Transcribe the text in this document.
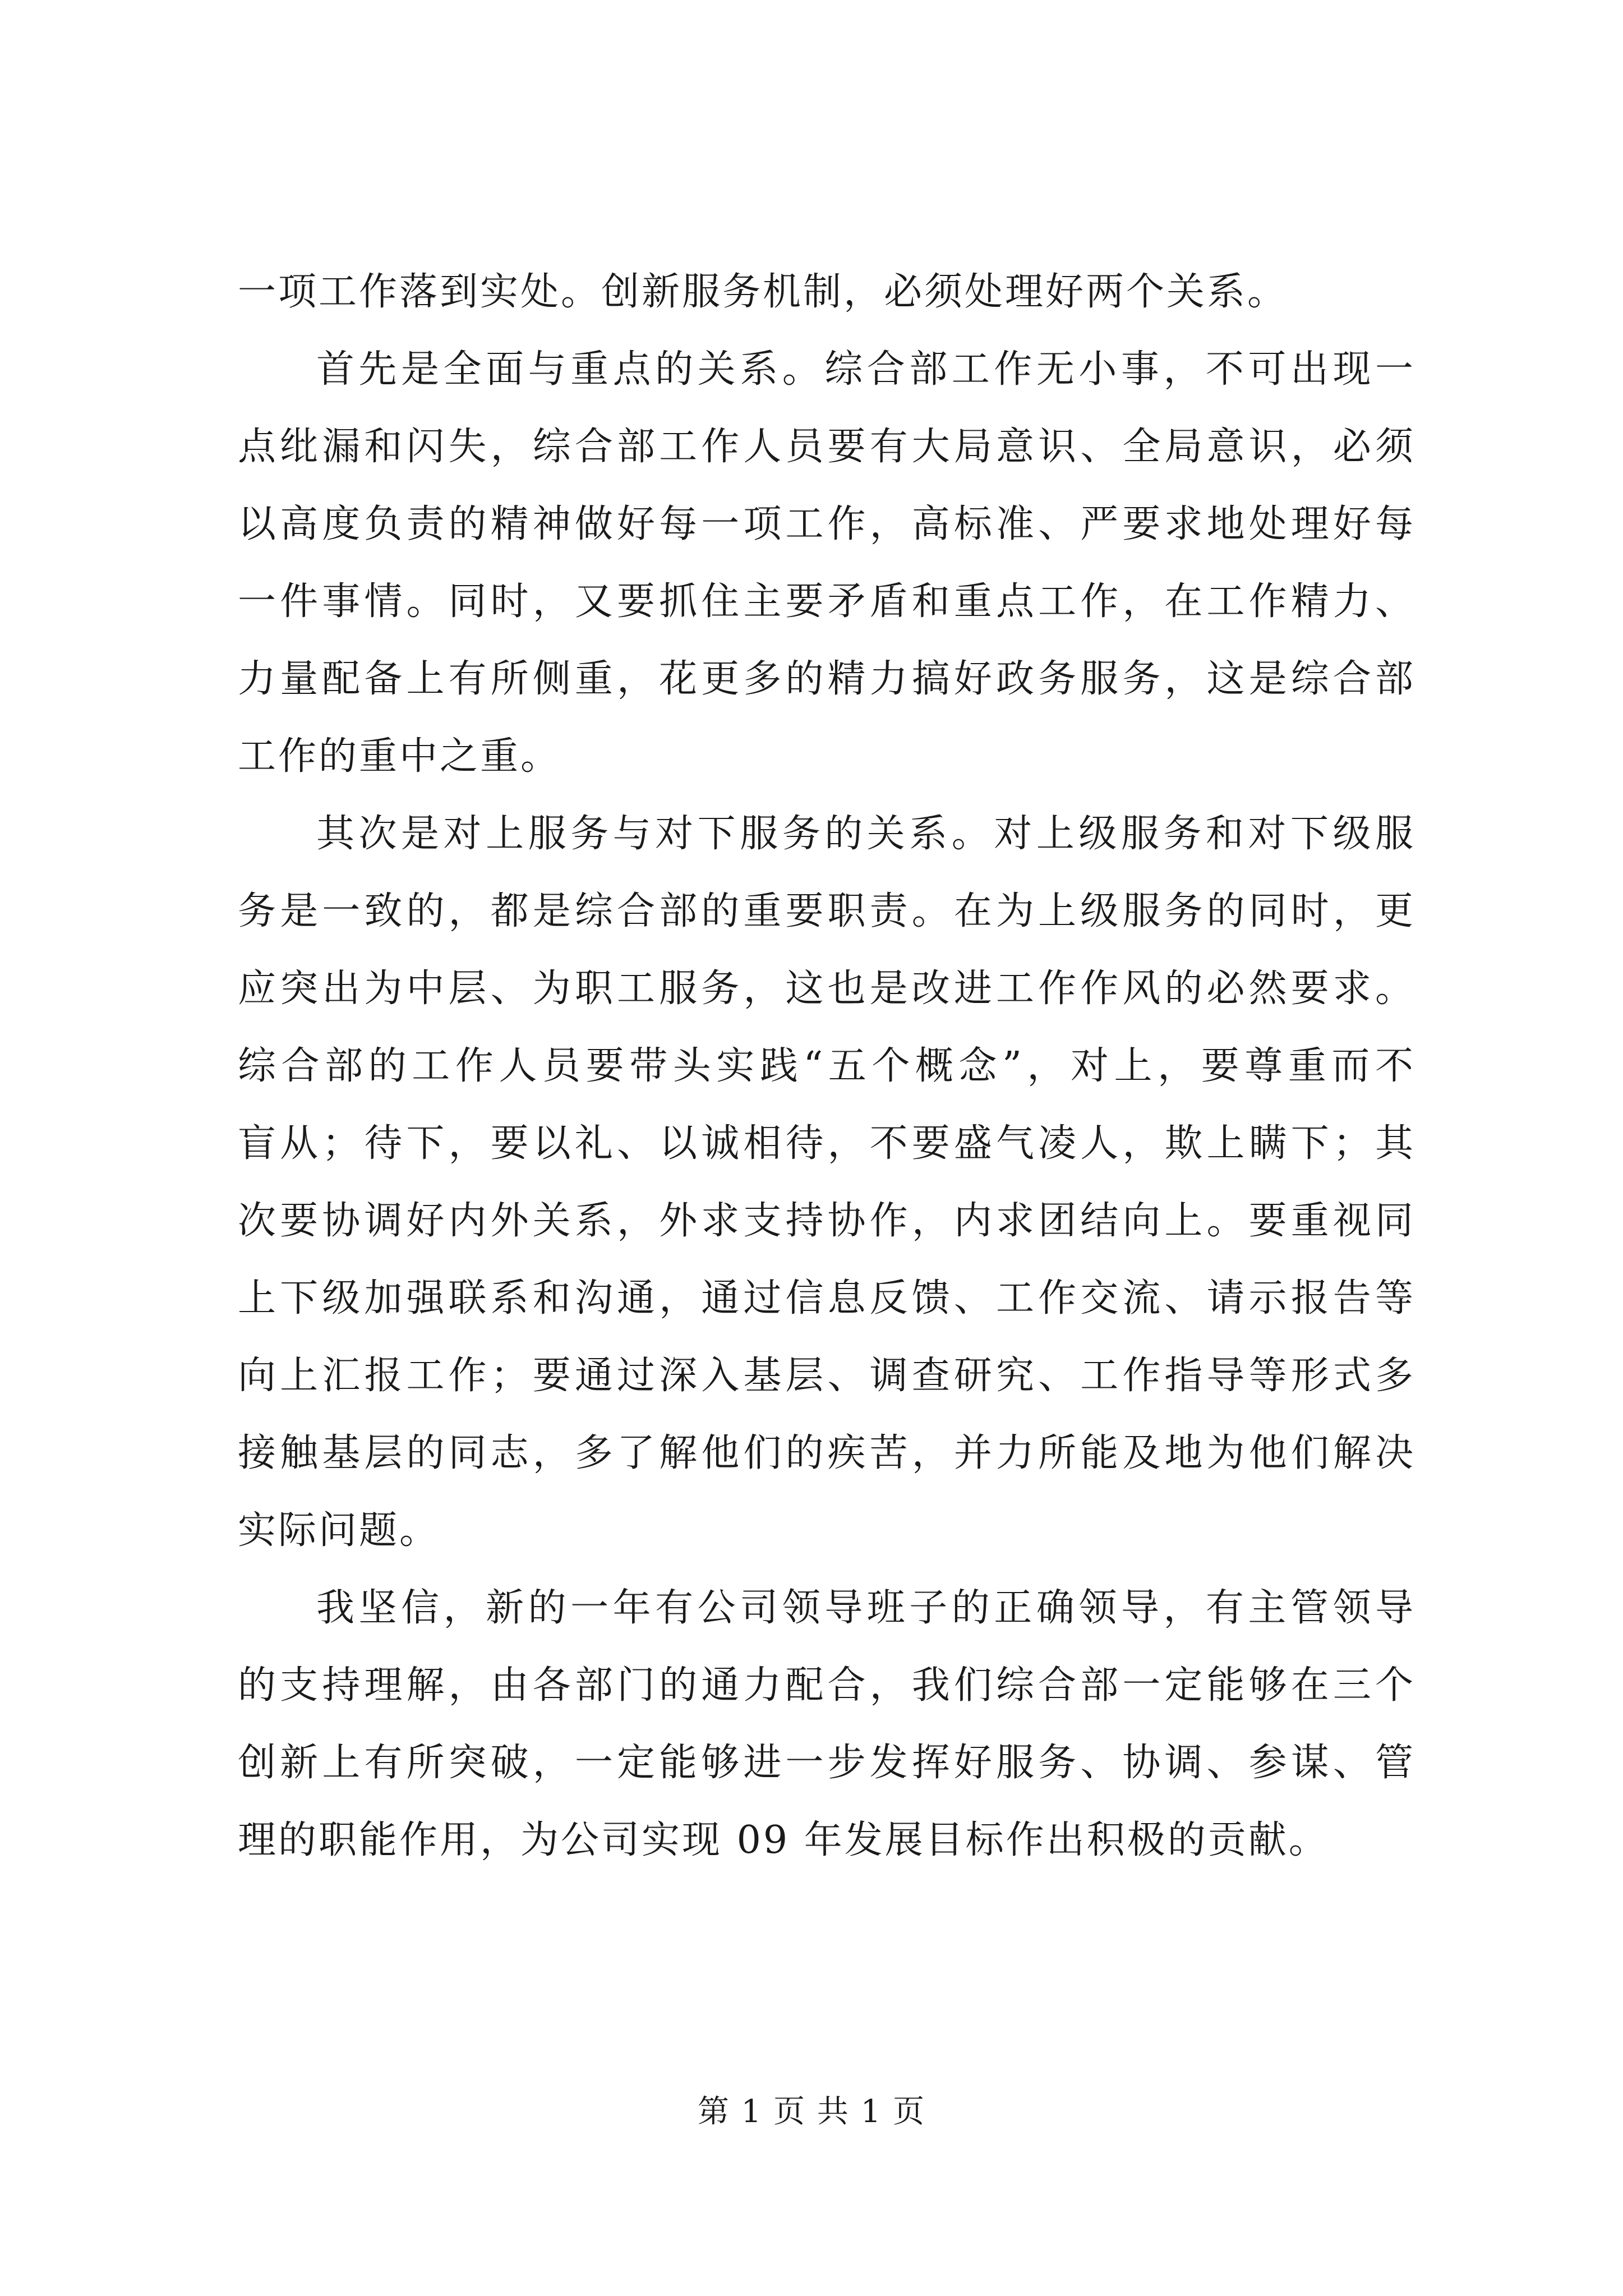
一项工作落到实处。创新服务机制，必须处理好两个关系。
首先是全面与重点的关系。综合部工作无小事，不可出现一
点纰漏和闪失，综合部工作人员要有大局意识、全局意识，必须
以高度负责的精神做好每一项工作，高标准、严要求地处理好每
一件事情。同时，又要抓住主要矛盾和重点工作，在工作精力、
力量配备上有所侧重，花更多的精力搞好政务服务，这是综合部
工作的重中之重。
其次是对上服务与对下服务的关系。对上级服务和对下级服
务是一致的，都是综合部的重要职责。在为上级服务的同时，更
应突出为中层、为职工服务，这也是改进工作作风的必然要求。
综合部的工作人员要带头实践“五个概念”，对上，要尊重而不
盲从；待下，要以礼、以诚相待，不要盛气凌人，欺上瞒下；其
次要协调好内外关系，外求支持协作，内求团结向上。要重视同
上下级加强联系和沟通，通过信息反馈、工作交流、请示报告等
向上汇报工作；要通过深入基层、调查研究、工作指导等形式多
接触基层的同志，多了解他们的疾苦，并力所能及地为他们解决
实际问题。
我坚信，新的一年有公司领导班子的正确领导，有主管领导
的支持理解，由各部门的通力配合，我们综合部一定能够在三个
创新上有所突破，一定能够进一步发挥好服务、协调、参谋、管
理的职能作用，为公司实现 09 年发展目标作出积极的贡献。
第 1 页 共 1 页
